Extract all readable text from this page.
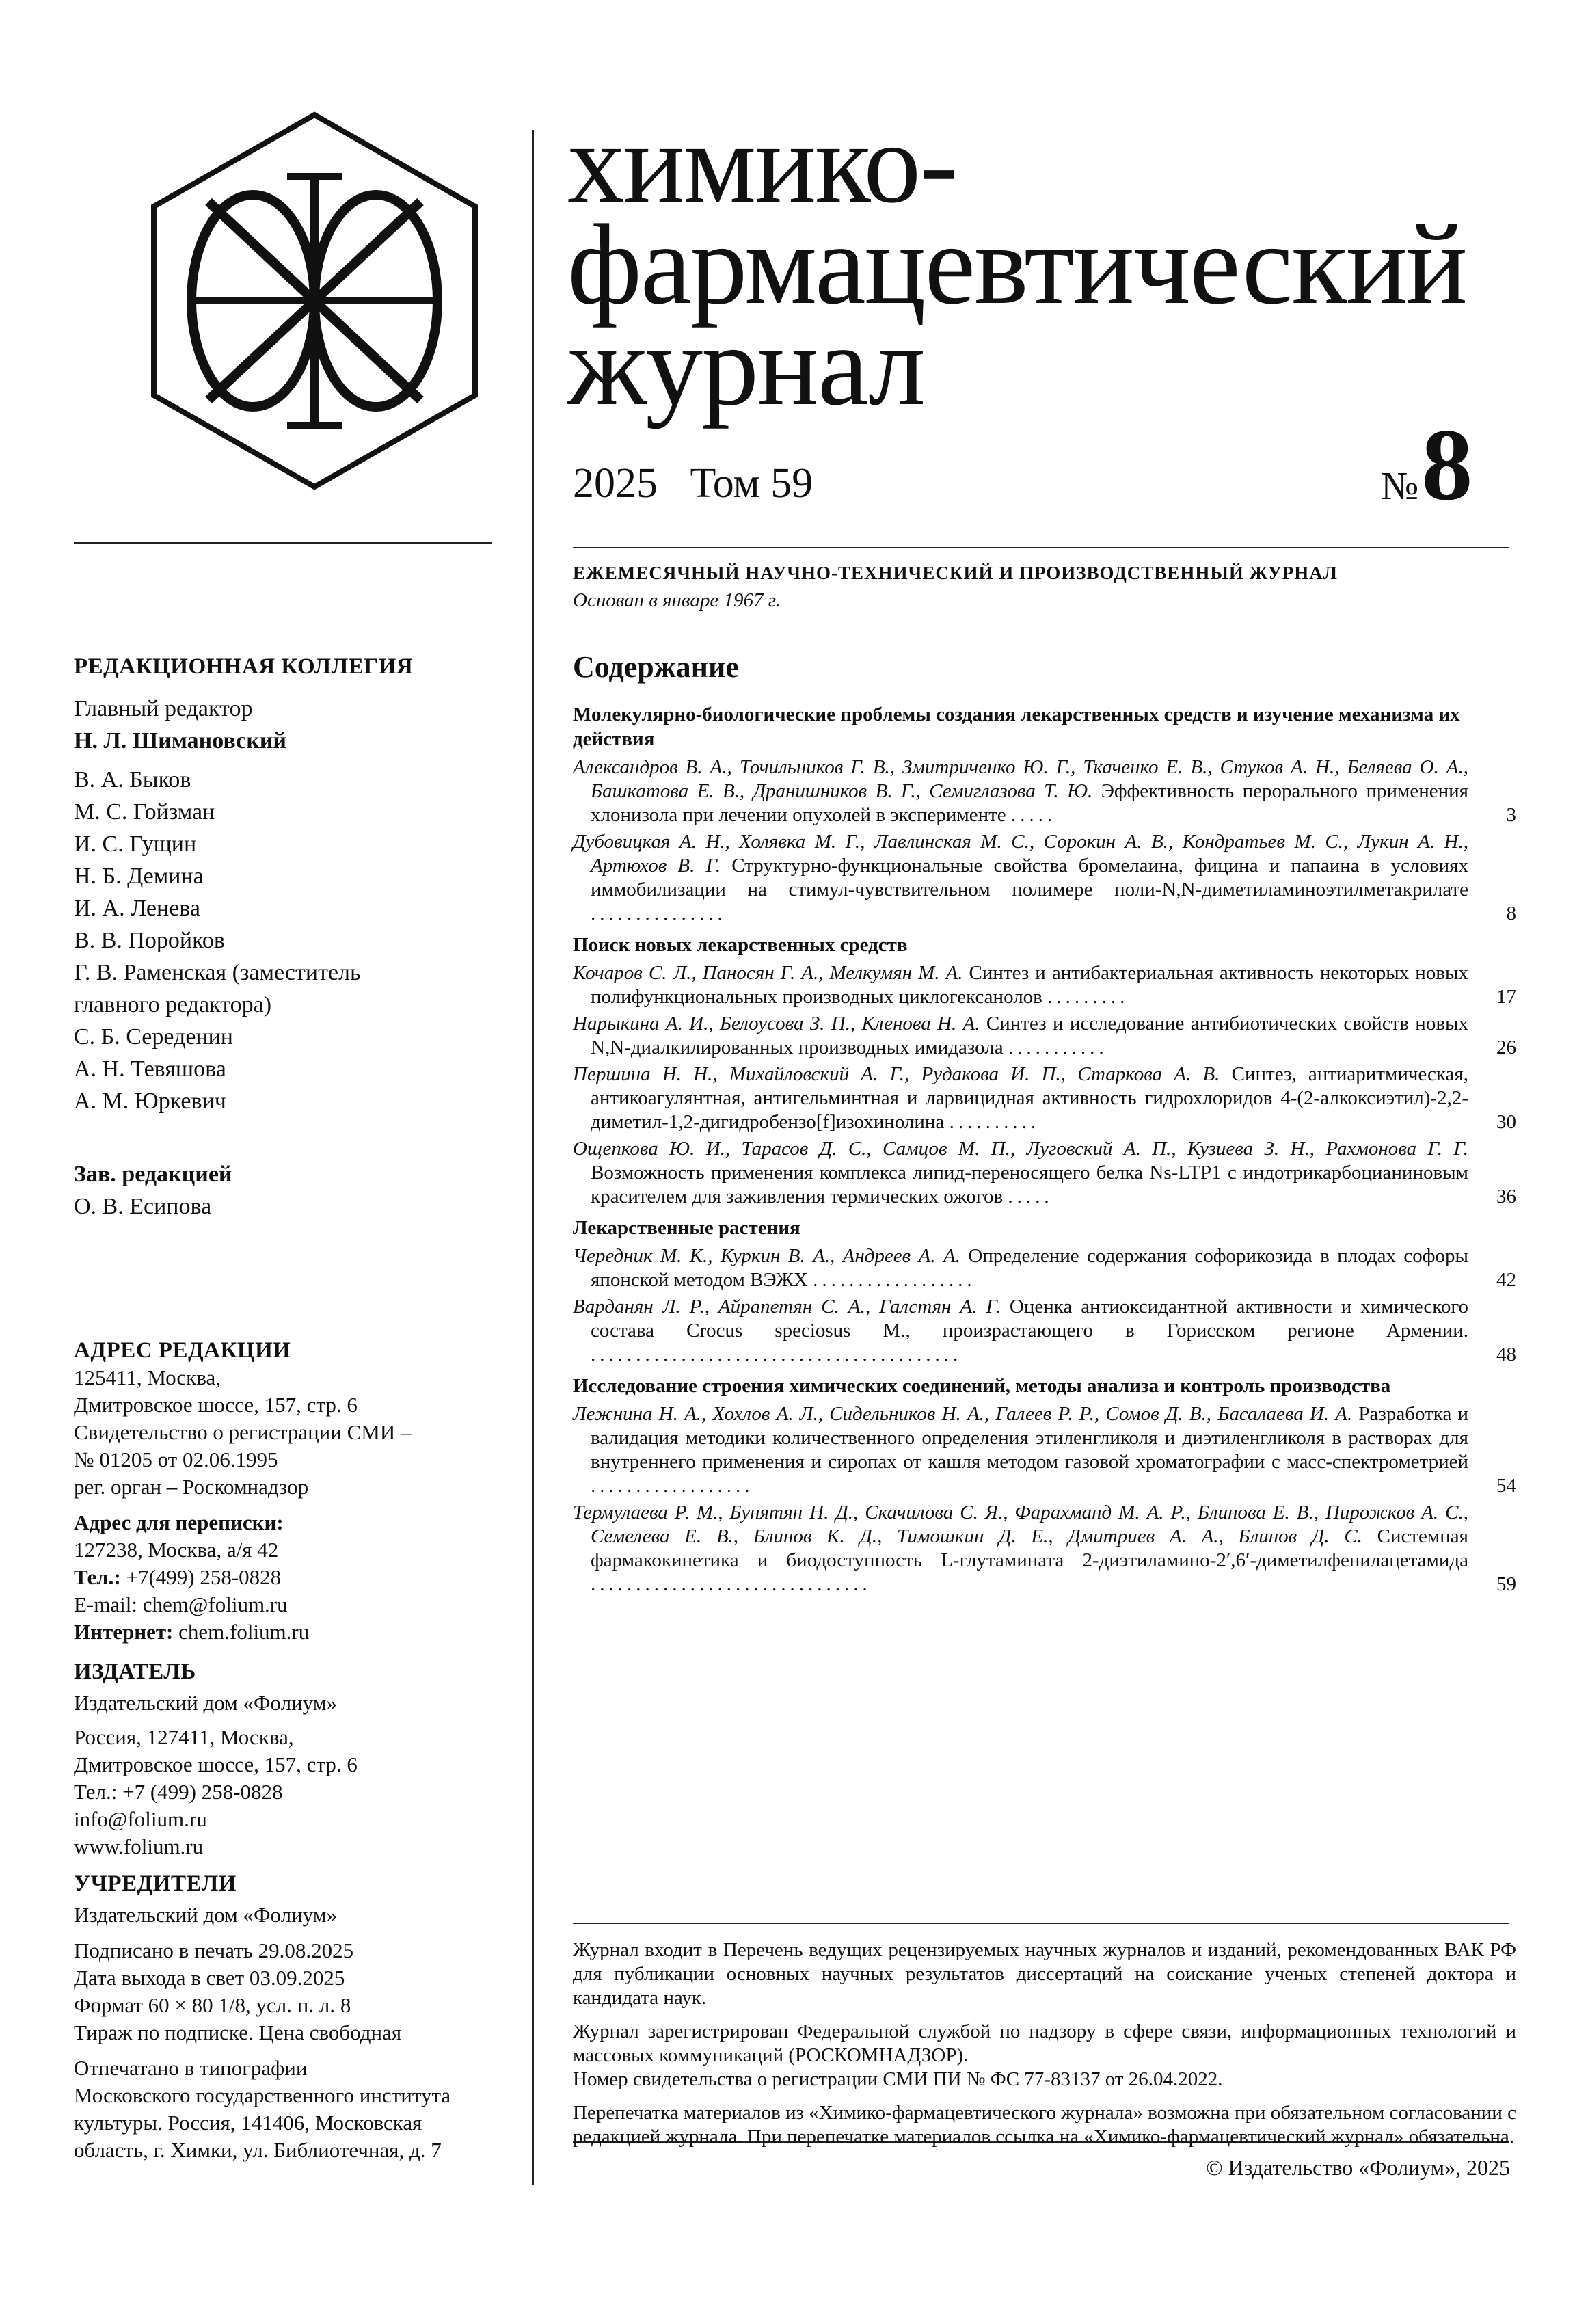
химико-
фармацевтический
журнал
2025 Том 59	№ 8
ЕЖЕМЕСЯЧНЫЙ НАУЧНО-ТЕХНИЧЕСКИЙ И ПРОИЗВОДСТВЕННЫЙ ЖУРНАЛ
Основан в январе 1967 г.
РЕДАКЦИОННАЯ КОЛЛЕГИЯ
Главный редактор
Н. Л. Шимановский
В. А. Быков
М. С. Гойзман
И. С. Гущин
Н. Б. Демина
И. А. Ленева
В. В. Поройков
Г. В. Раменская (заместитель
главного редактора)
С. Б. Середенин
А. Н. Тевяшова
А. М. Юркевич
Зав. редакцией
О. В. Есипова
АДРЕС РЕДАКЦИИ
125411, Москва,
Дмитровское шоссе, 157, стр. 6
Свидетельство о регистрации СМИ –
№ 01205 от 02.06.1995
рег. орган – Роскомнадзор
Адрес для переписки:
127238, Москва, а/я 42
Тел.: +7(499) 258-0828
E-mail: chem@folium.ru
Интернет: chem.folium.ru
ИЗДАТЕЛЬ
Издательский дом «Фолиум»
Россия, 127411, Москва,
Дмитровское шоссе, 157, стр. 6
Тел.: +7 (499) 258-0828
info@folium.ru
www.folium.ru
УЧРЕДИТЕЛИ
Издательский дом «Фолиум»
Подписано в печать 29.08.2025
Дата выхода в свет 03.09.2025
Формат 60 × 80 1/8, усл. п. л. 8
Тираж по подписке. Цена свободная
Отпечатано в типографии
Московского государственного института
культуры. Россия, 141406, Московская
область, г. Химки, ул. Библиотечная, д. 7
Содержание
Молекулярно-биологические проблемы создания лекарственных средств и изучение механизма их действия
Александров В. А., Точильников Г. В., Змитриченко Ю. Г., Ткаченко Е. В., Стуков А. Н., Беляева О. А., Башкатова Е. В., Дранишников В. Г., Семиглазова Т. Ю. Эффективность перорального применения хлонизола при лечении опухолей в эксперименте .....	3
Дубовицкая А. Н., Холявка М. Г., Лавлинская М. С., Сорокин А. В., Кондратьев М. С., Лукин А. Н., Артюхов В. Г. Структурно-функциональные свойства бромелаина, фицина и папаина в условиях иммобилизации на стимул-чувствительном полимере поли-N,N-диметиламиноэтилметакрилате ...............	8
Поиск новых лекарственных средств
Кочаров С. Л., Паносян Г. А., Мелкумян М. А. Синтез и антибактериальная активность некоторых новых полифункциональных производных циклогексанолов .........	17
Нарыкина А. И., Белоусова З. П., Кленова Н. А. Синтез и исследование антибиотических свойств новых N,N-диалкилированных производных имидазола ...........	26
Першина Н. Н., Михайловский А. Г., Рудакова И. П., Старкова А. В. Синтез, антиаритмическая, антикоагулянтная, антигельминтная и ларвицидная активность гидрохлоридов 4-(2-алкоксиэтил)-2,2-диметил-1,2-дигидробензо[f]изохинолина ..........	30
Ощепкова Ю. И., Тарасов Д. С., Самцов М. П., Луговский А. П., Кузиева З. Н., Рахмонова Г. Г. Возможность применения комплекса липид-переносящего белка Ns-LTP1 с индотрикарбоцианиновым красителем для заживления термических ожогов .....	36
Лекарственные растения
Чередник М. К., Куркин В. А., Андреев А. А. Определение содержания софорикозида в плодах софоры японской методом ВЭЖХ ..................	42
Варданян Л. Р., Айрапетян С. А., Галстян А. Г. Оценка антиоксидантной активности и химического состава Crocus speciosus M., произрастающего в Горисском регионе Армении. .........................................	48
Исследование строения химических соединений, методы анализа и контроль производства
Лежнина Н. А., Хохлов А. Л., Сидельников Н. А., Галеев Р. Р., Сомов Д. В., Басалаева И. А. Разработка и валидация методики количественного определения этиленгликоля и диэтиленгликоля в растворах для внутреннего применения и сиропах от кашля методом газовой хроматографии с масс-спектрометрией ..................	54
Термулаева Р. М., Бунятян Н. Д., Скачилова С. Я., Фарахманд М. А. Р., Блинова Е. В., Пирожков А. С., Семелева Е. В., Блинов К. Д., Тимошкин Д. Е., Дмитриев А. А., Блинов Д. С. Системная фармакокинетика и биодоступность L-глутамината 2-диэтиламино-2′,6′-диметилфенилацетамида ...............................	59

Журнал входит в Перечень ведущих рецензируемых научных журналов и изданий, рекомендованных ВАК РФ для публикации основных научных результатов диссертаций на соискание ученых степеней доктора и кандидата наук.

Журнал зарегистрирован Федеральной службой по надзору в сфере связи, информационных технологий и массовых коммуникаций (РОСКОМНАДЗОР).

Номер свидетельства о регистрации СМИ ПИ № ФС 77-83137 от 26.04.2022.

Перепечатка материалов из «Химико-фармацевтического журнала» возможна при обязательном согласовании с редакцией журнала. При перепечатке материалов ссылка на «Химико-фармацевтический журнал» обязательна.

© Издательство «Фолиум», 2025
